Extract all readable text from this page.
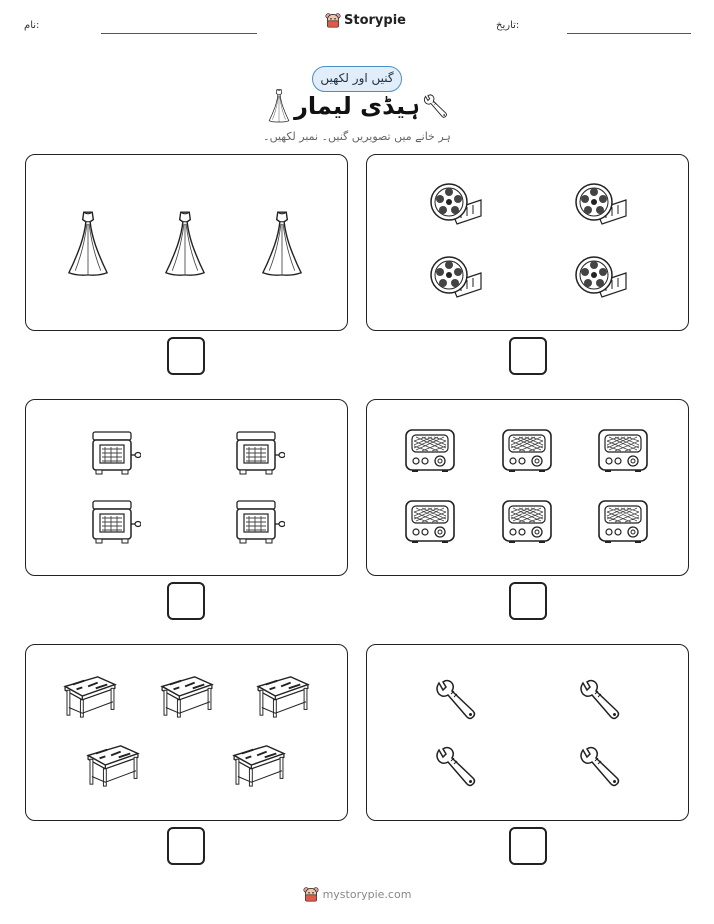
نام:	Storypie	تاریخ:
گنیں اور لکھیں
ہیڈی لیمار
ہر خانے میں تصویریں گنیں۔ نمبر لکھیں۔
mystorypie.com
